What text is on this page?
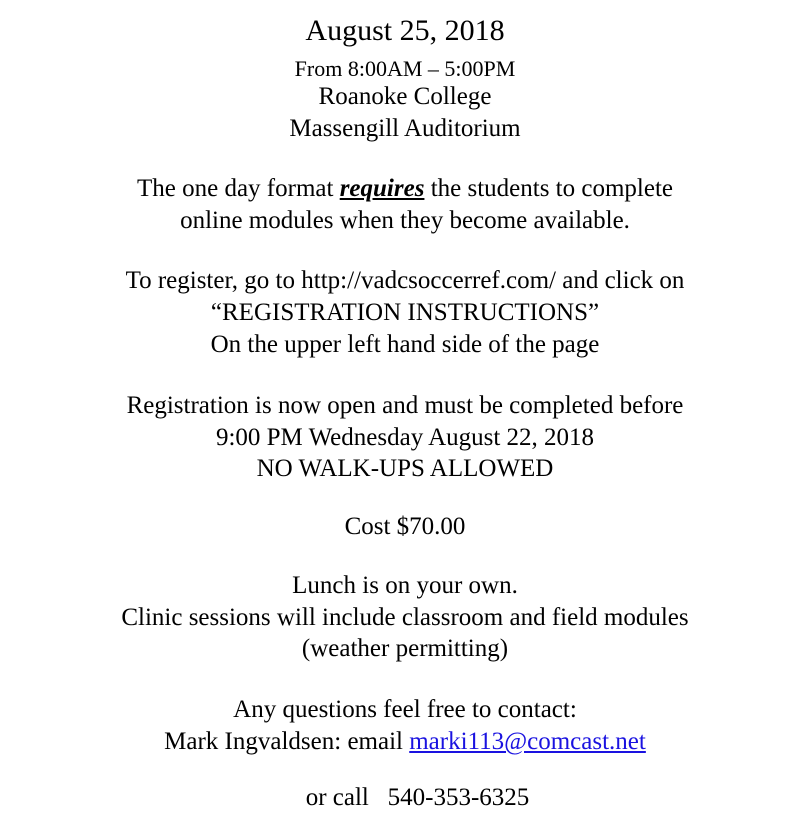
August 25, 2018
From 8:00AM – 5:00PM
Roanoke College
Massengill Auditorium
The one day format requires the students to complete
online modules when they become available.
To register, go to http://vadcsoccerref.com/ and click on
“REGISTRATION INSTRUCTIONS”
On the upper left hand side of the page
Registration is now open and must be completed before
9:00 PM Wednesday August 22, 2018
NO WALK-UPS ALLOWED
Cost $70.00
Lunch is on your own.
Clinic sessions will include classroom and field modules
(weather permitting)
Any questions feel free to contact:
Mark Ingvaldsen: email marki113@comcast.net

or call   540-353-6325
